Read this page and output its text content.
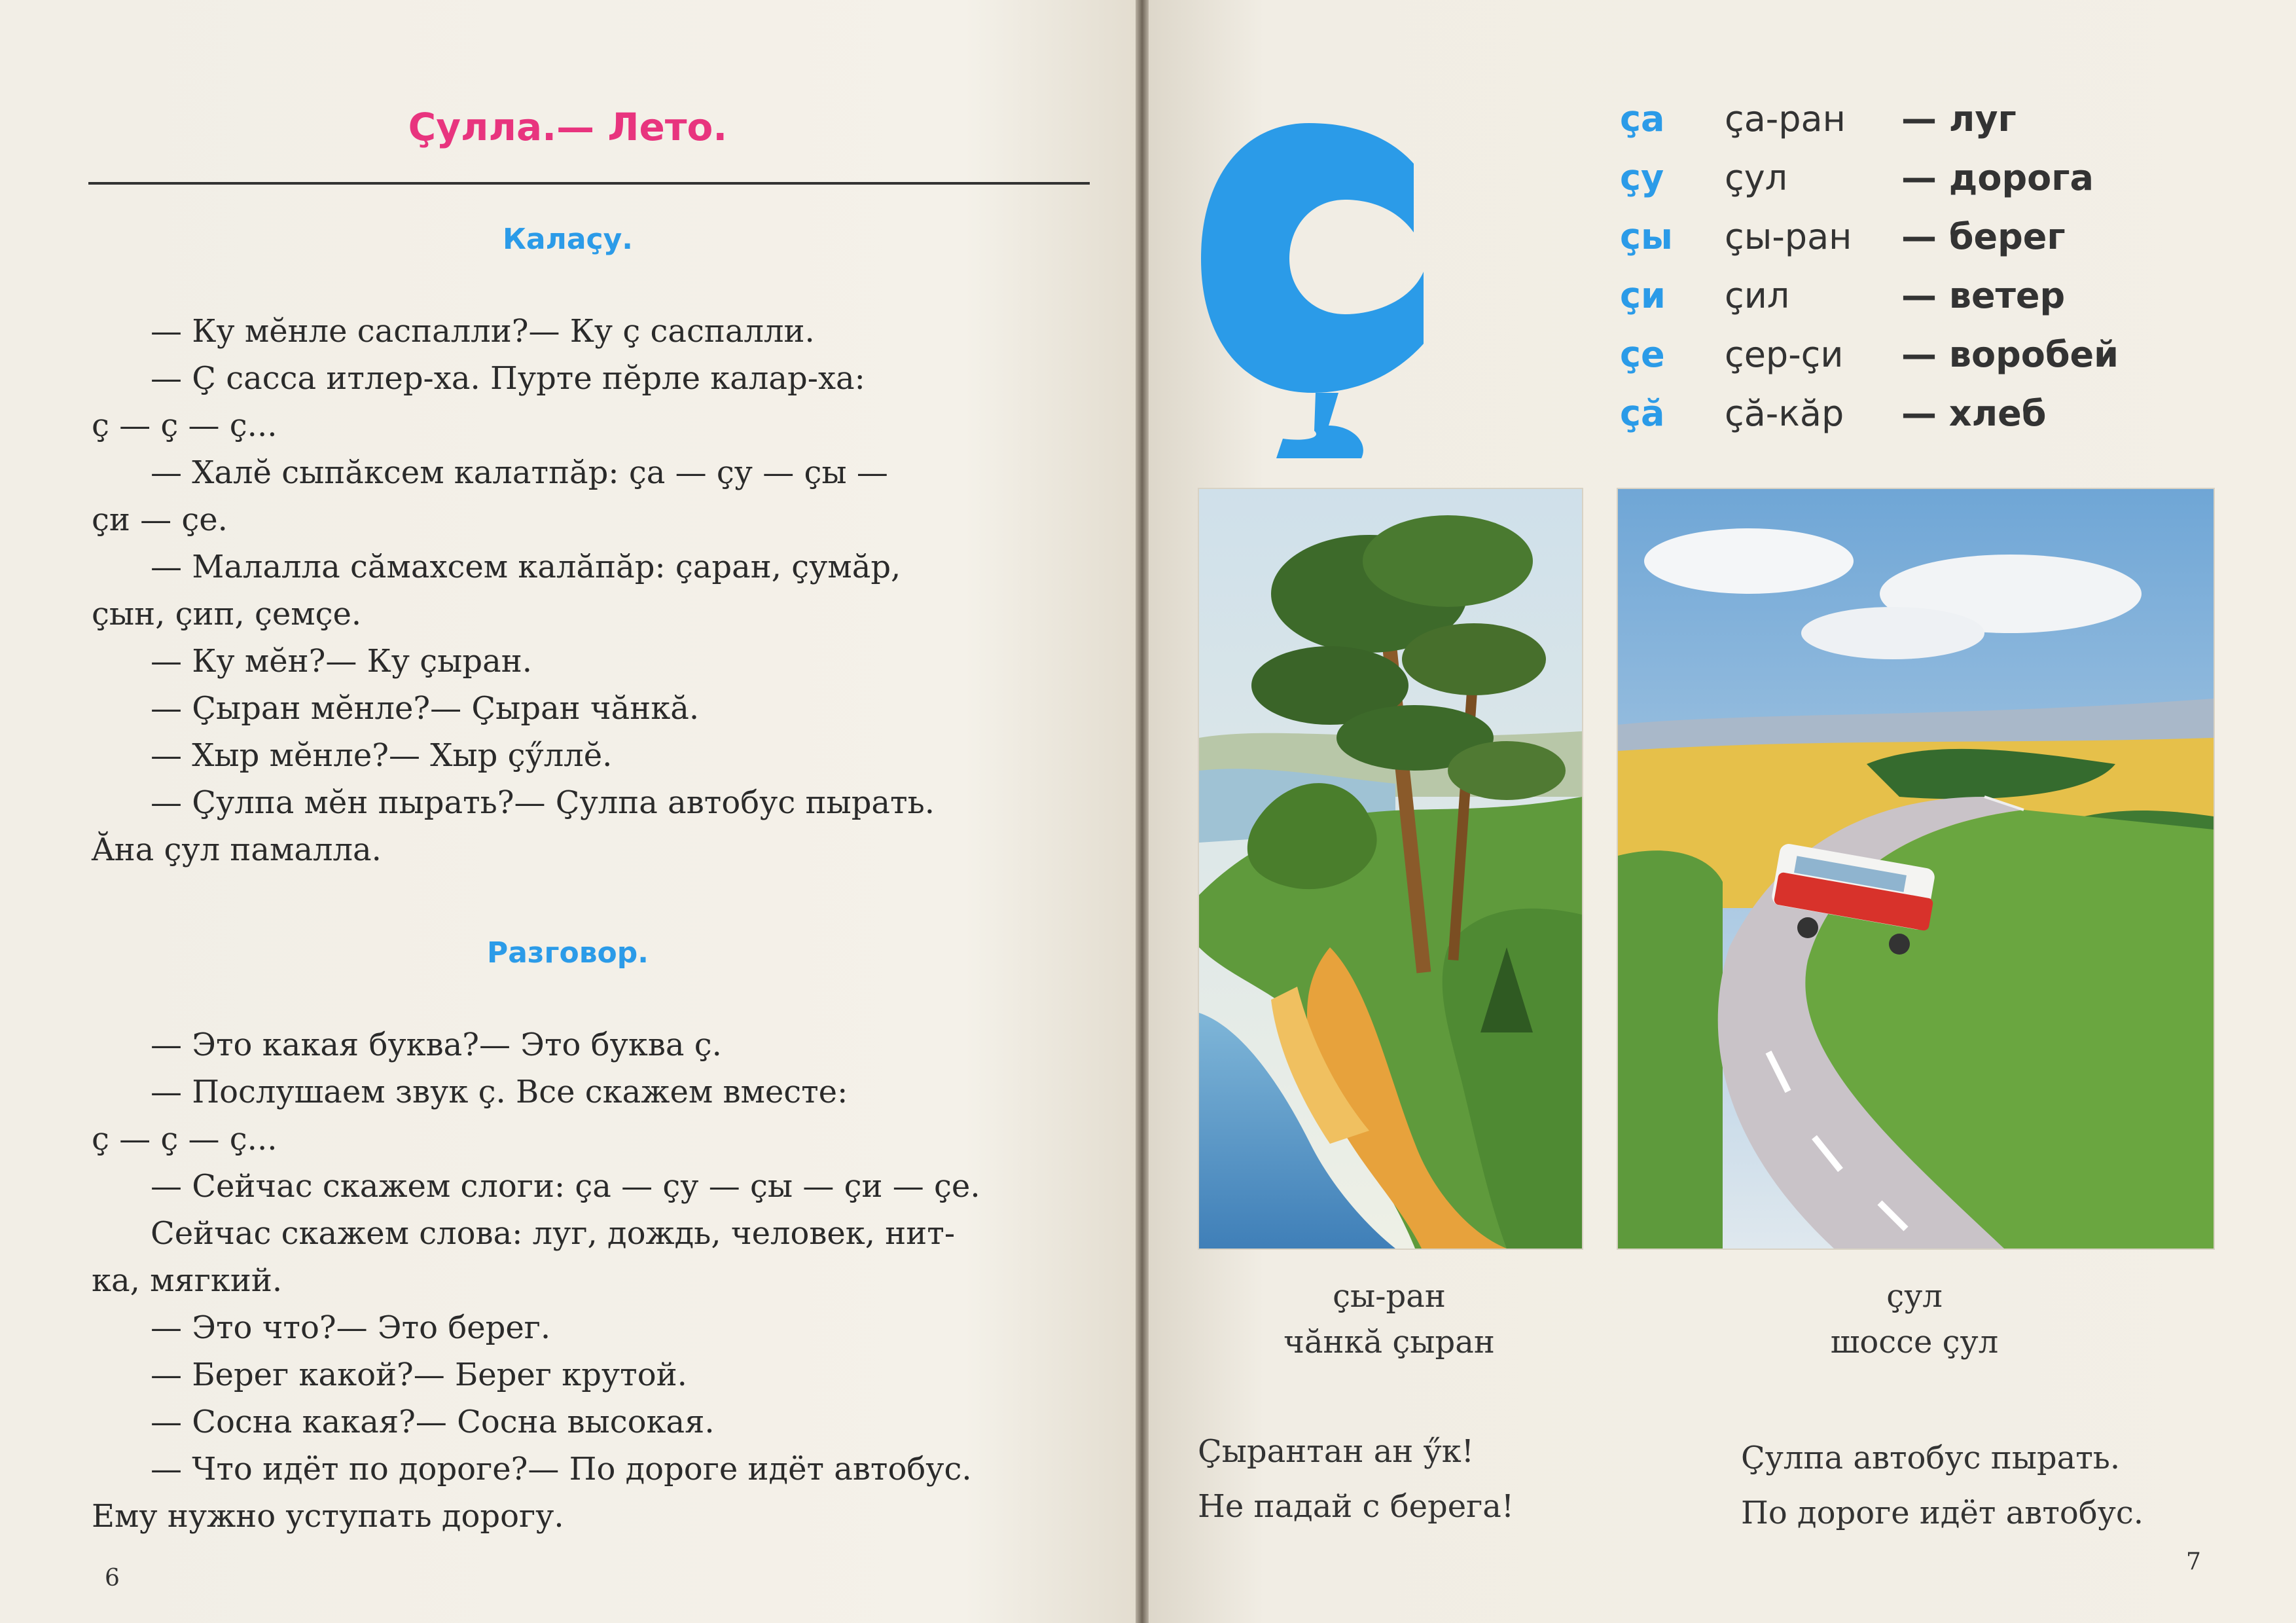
Çулла.— Лето.
Калаçу.

— Ку мĕнле саспалли?— Ку ç саспалли.

— Ç сасса итлер-ха. Пурте пĕрле калар-ха:

ç — ç — ç...

— Халĕ сыпăксем калатпăр: ça — çу — çы —

çи — çе.

— Малалла сăмахсем калăпăр: çаран, çумăр,

çын, çип, çемçе.

— Ку мĕн?— Ку çыран.

— Çыран мĕнле?— Çыран чăнкă.

— Хыр мĕнле?— Хыр çӳллĕ.

— Çулпа мĕн пырать?— Çулпа автобус пырать.

Ăна çул памалла.

Разговор.

— Это какая буква?— Это буква ç.

— Послушаем звук ç. Все скажем вместе:

ç — ç — ç...

— Сейчас скажем слоги: ça — çу — çы — çи — çе.

Сейчас скажем слова: луг, дождь, человек, нит-

ка, мягкий.

— Это что?— Это берег.

— Берег какой?— Берег крутой.

— Сосна какая?— Сосна высокая.

— Что идёт по дороге?— По дороге идёт автобус.

Ему нужно уступать дорогу.

6
ça ça-ран — луг
çу çул	— дорога
çы çы-ран — берег
çи çил	— ветер
çе çер-çи — воробей
çă çă-кăр — хлеб
çы-ран
чăнкă çыран
çул
шоссе çул
Çырантан ан ӳк!
Не падай с берега!
Çулпа автобус пырать.
По дороге идёт автобус.
7
